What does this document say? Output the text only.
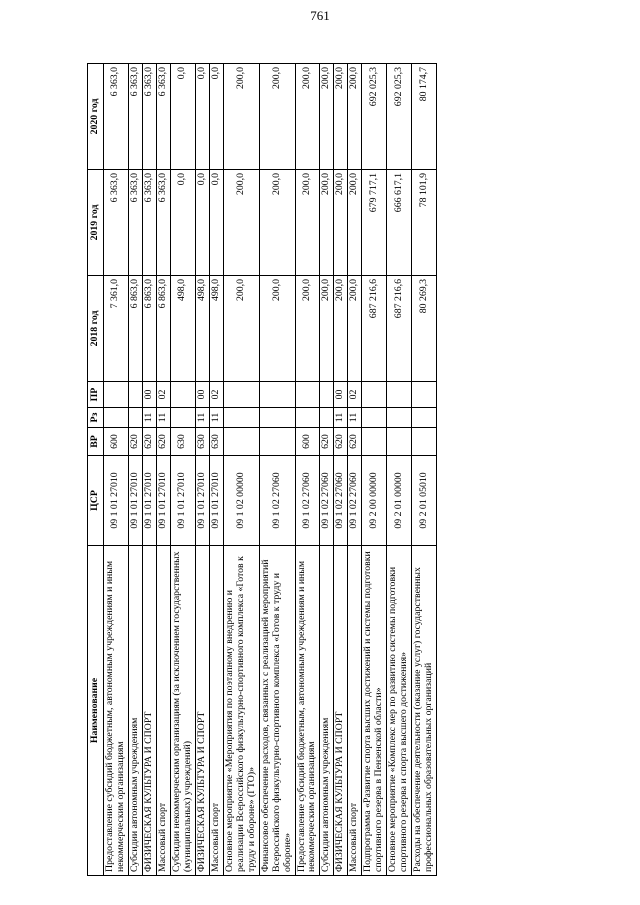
761
Наименование	ЦСР	ВР	Рз	ПР	2018 год	2019 год	2020 год
Предоставление субсидий бюджетным, автономным учреждениям и иным некоммерческим организациям	09 1 01 27010	600			7 361,0	6 363,0	6 363,0
Субсидии автономным учреждениям	09 1 01 27010	620			6 863,0	6 363,0	6 363,0
ФИЗИЧЕСКАЯ КУЛЬТУРА И СПОРТ	09 1 01 27010	620	11	00	6 863,0	6 363,0	6 363,0
Массовый спорт	09 1 01 27010	620	11	02	6 863,0	6 363,0	6 363,0
Субсидии некоммерческим организациям (за исключением государственных (муниципальных) учреждений)	09 1 01 27010	630			498,0	0,0	0,0
ФИЗИЧЕСКАЯ КУЛЬТУРА И СПОРТ	09 1 01 27010	630	11	00	498,0	0,0	0,0
Массовый спорт	09 1 01 27010	630	11	02	498,0	0,0	0,0
Основное мероприятие «Мероприятия по поэтапному внедрению и реализации Всероссийского физкультурно-спортивного комплекса «Готов к труду и обороне» (ГТО)»	09 1 02 00000				200,0	200,0	200,0
Финансовое обеспечение расходов, связанных с реализацией мероприятий Всероссийского физкультурно-спортивного комплекса «Готов к труду и обороне»	09 1 02 27060				200,0	200,0	200,0
Предоставление субсидий бюджетным, автономным учреждениям и иным некоммерческим организациям	09 1 02 27060	600			200,0	200,0	200,0
Субсидии автономным учреждениям	09 1 02 27060	620			200,0	200,0	200,0
ФИЗИЧЕСКАЯ КУЛЬТУРА И СПОРТ	09 1 02 27060	620	11	00	200,0	200,0	200,0
Массовый спорт	09 1 02 27060	620	11	02	200,0	200,0	200,0
Подпрограмма «Развитие спорта высших достижений и системы подготовки спортивного резерва в Пензенской области»	09 2 00 00000				687 216,6	679 717,1	692 025,3
Основное мероприятие «Комплекс мер по развитию системы подготовки спортивного резерва и спорта высшего достижения»	09 2 01 00000				687 216,6	666 617,1	692 025,3
Расходы на обеспечение деятельности (оказание услуг) государственных профессиональных образовательных организаций	09 2 01 05010				80 269,3	78 101,9	80 174,7
